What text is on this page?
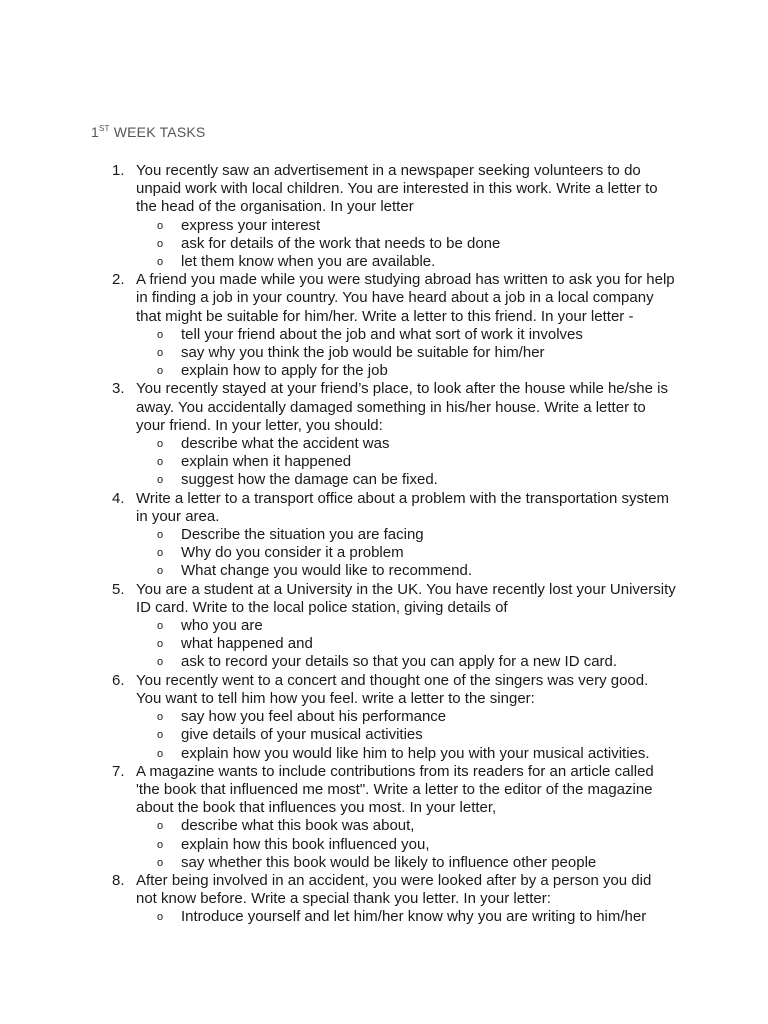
1ST WEEK TASKS
1. You recently saw an advertisement in a newspaper seeking volunteers to do unpaid work with local children. You are interested in this work. Write a letter to the head of the organisation. In your letter
o express your interest
o ask for details of the work that needs to be done
o let them know when you are available.
2. A friend you made while you were studying abroad has written to ask you for help in finding a job in your country. You have heard about a job in a local company that might be suitable for him/her. Write a letter to this friend. In your letter -
o tell your friend about the job and what sort of work it involves
o say why you think the job would be suitable for him/her
o explain how to apply for the job
3. You recently stayed at your friend’s place, to look after the house while he/she is away. You accidentally damaged something in his/her house. Write a letter to your friend. In your letter, you should:
o describe what the accident was
o explain when it happened
o suggest how the damage can be fixed.
4. Write a letter to a transport office about a problem with the transportation system in your area.
o Describe the situation you are facing
o Why do you consider it a problem
o What change you would like to recommend.
5. You are a student at a University in the UK. You have recently lost your University ID card. Write to the local police station, giving details of
o who you are
o what happened and
o ask to record your details so that you can apply for a new ID card.
6. You recently went to a concert and thought one of the singers was very good. You want to tell him how you feel. write a letter to the singer:
o say how you feel about his performance
o give details of your musical activities
o explain how you would like him to help you with your musical activities.
7. A magazine wants to include contributions from its readers for an article called 'the book that influenced me most". Write a letter to the editor of the magazine about the book that influences you most. In your letter,
o describe what this book was about,
o explain how this book influenced you,
o say whether this book would be likely to influence other people
8. After being involved in an accident, you were looked after by a person you did not know before. Write a special thank you letter. In your letter:
o Introduce yourself and let him/her know why you are writing to him/her
